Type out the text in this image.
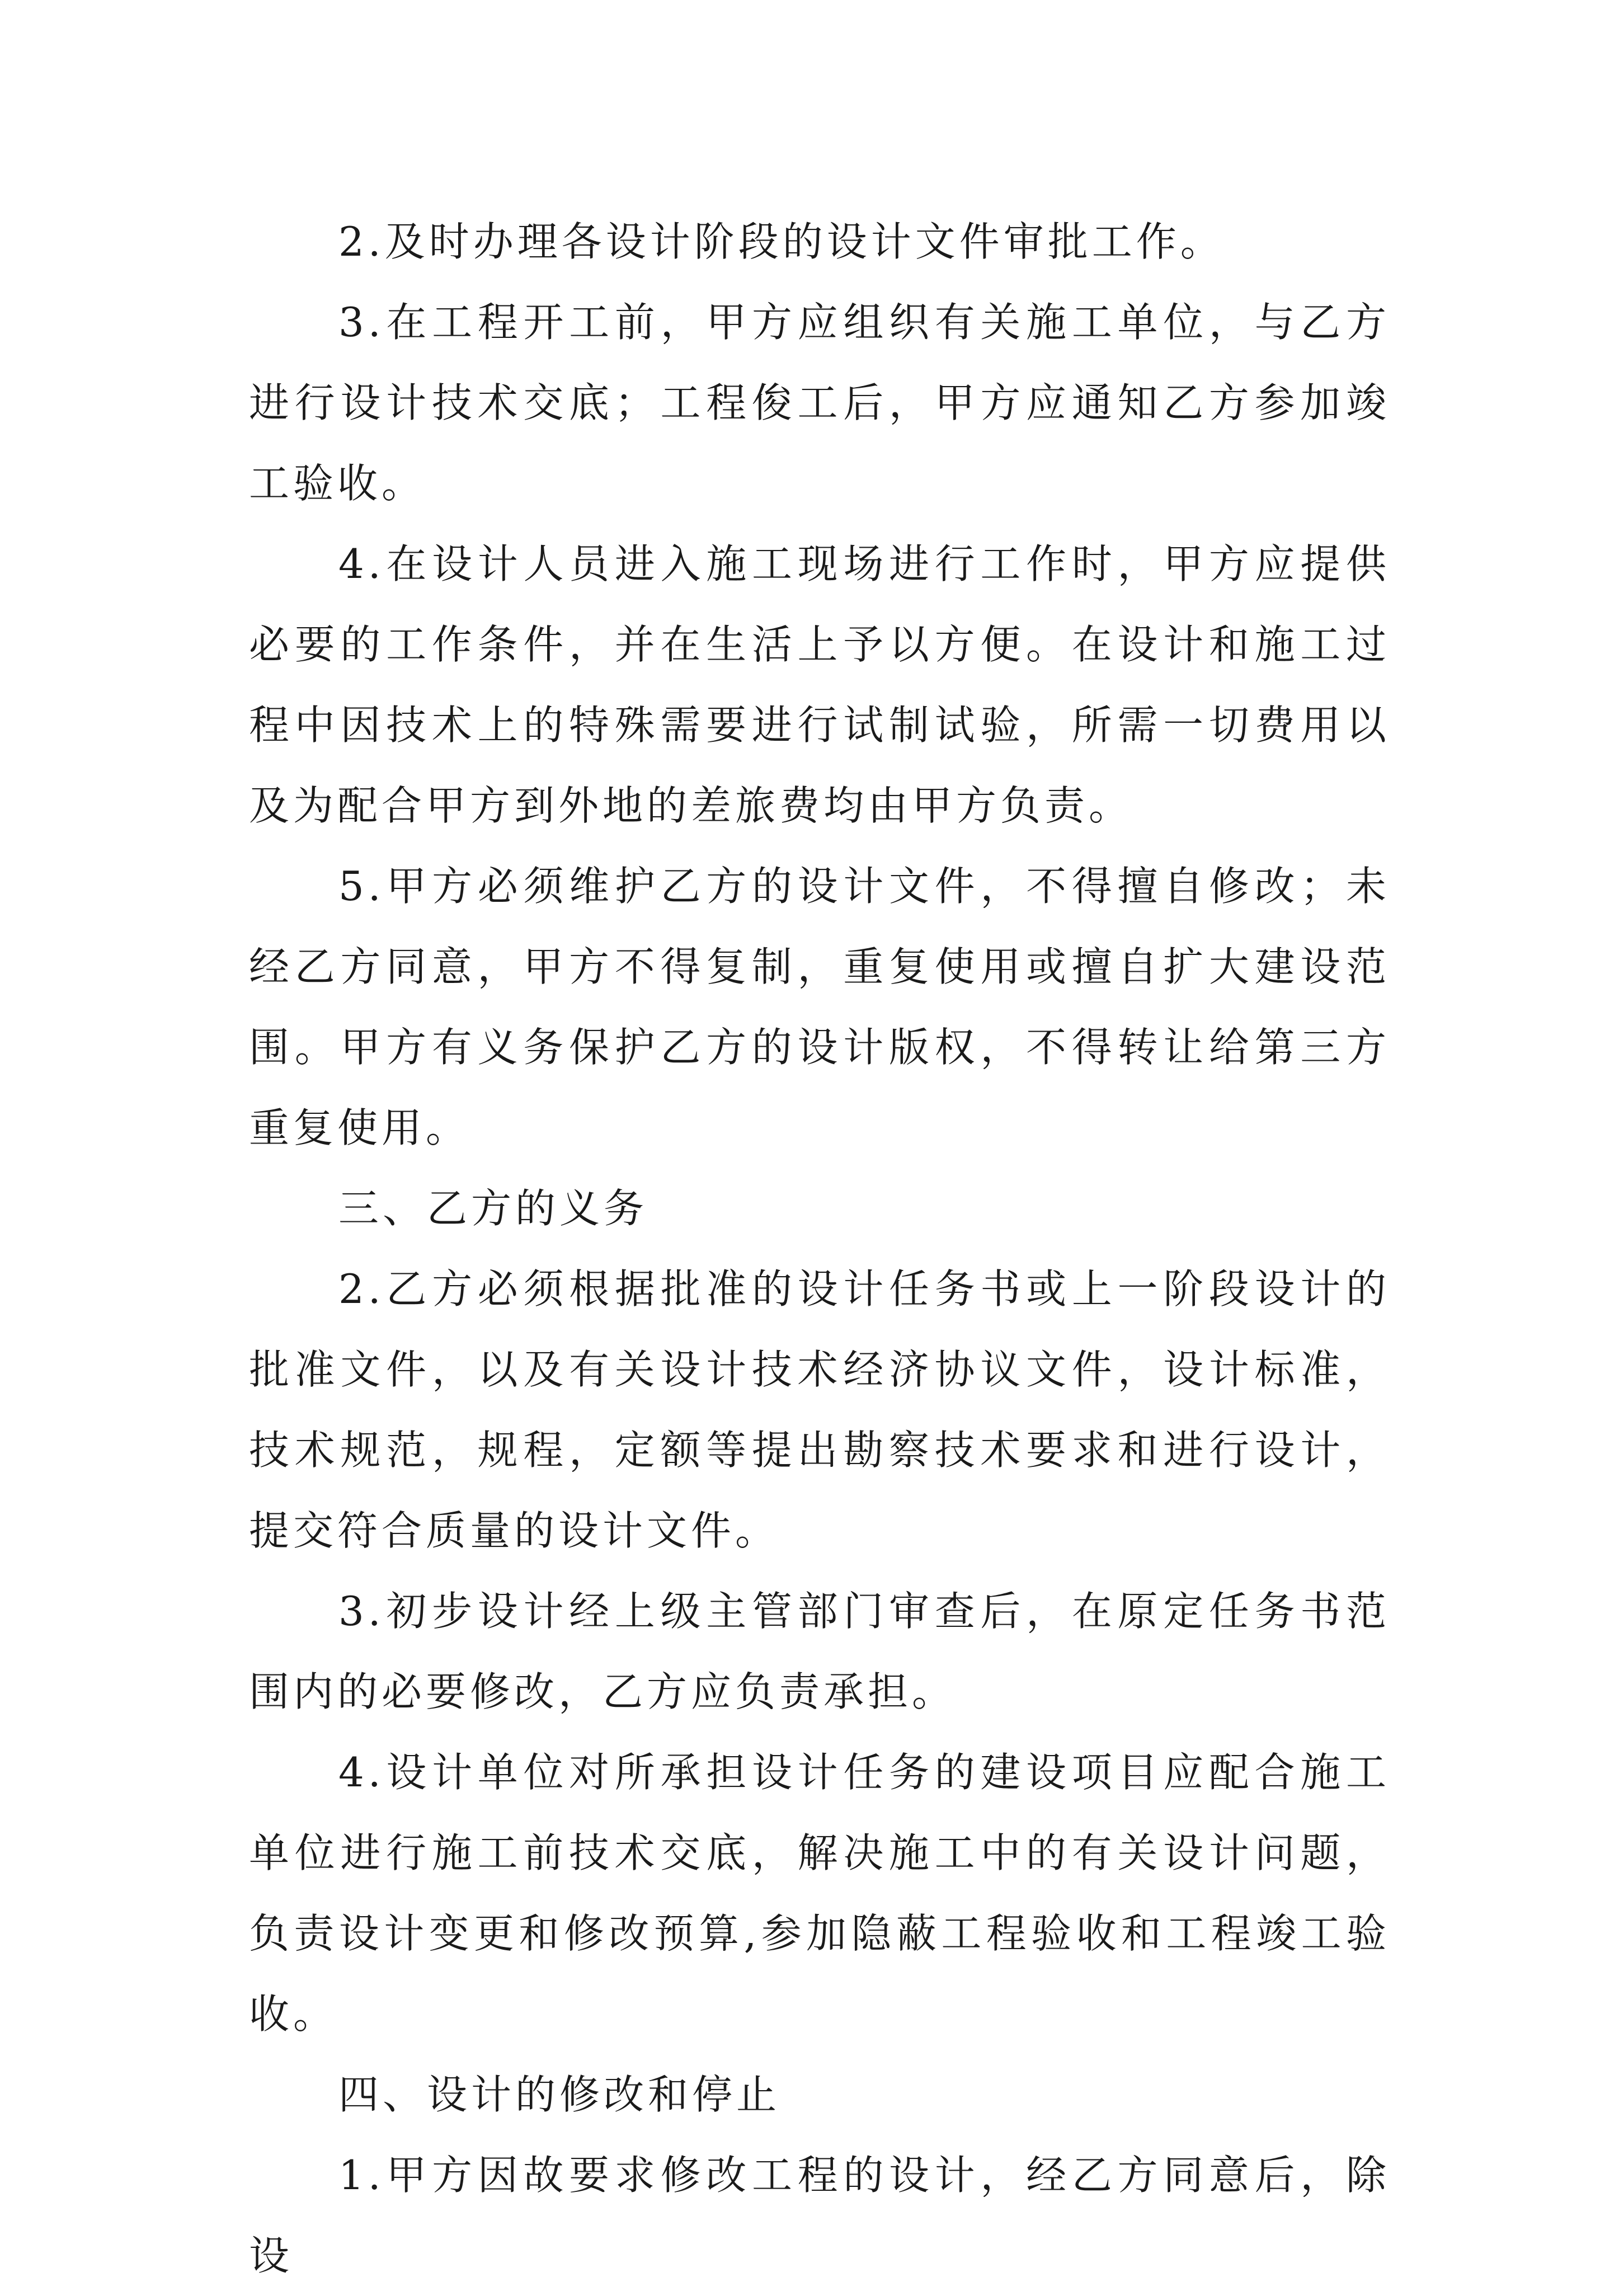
2.及时办理各设计阶段的设计文件审批工作。

3.在工程开工前，甲方应组织有关施工单位，与乙方进行设计技术交底；工程俊工后，甲方应通知乙方参加竣工验收。

4.在设计人员进入施工现场进行工作时，甲方应提供必要的工作条件，并在生活上予以方便。在设计和施工过程中因技术上的特殊需要进行试制试验，所需一切费用以及为配合甲方到外地的差旅费均由甲方负责。

5.甲方必须维护乙方的设计文件，不得擅自修改；未经乙方同意，甲方不得复制，重复使用或擅自扩大建设范围。甲方有义务保护乙方的设计版权，不得转让给第三方重复使用。

三、乙方的义务

2.乙方必须根据批准的设计任务书或上一阶段设计的批准文件，以及有关设计技术经济协议文件，设计标准，技术规范，规程，定额等提出勘察技术要求和进行设计，提交符合质量的设计文件。

3.初步设计经上级主管部门审查后，在原定任务书范围内的必要修改，乙方应负责承担。

4.设计单位对所承担设计任务的建设项目应配合施工单位进行施工前技术交底，解决施工中的有关设计问题，负责设计变更和修改预算,参加隐蔽工程验收和工程竣工验收。

四、设计的修改和停止

1.甲方因故要求修改工程的设计，经乙方同意后，除设
